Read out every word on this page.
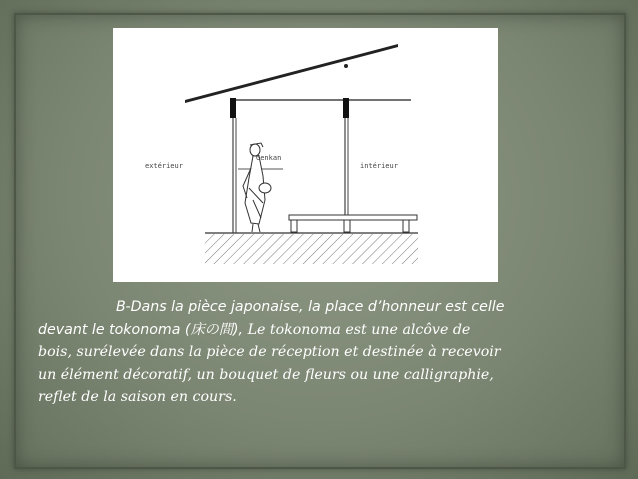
extérieur
Genkan
intérieur
B-Dans la pièce japonaise, la place d’honneur est celle
devant le tokonoma (床の間), Le tokonoma est une alcôve de
bois, surélevée dans la pièce de réception et destinée à recevoir
un élément décoratif, un bouquet de fleurs ou une calligraphie,
reflet de la saison en cours.
